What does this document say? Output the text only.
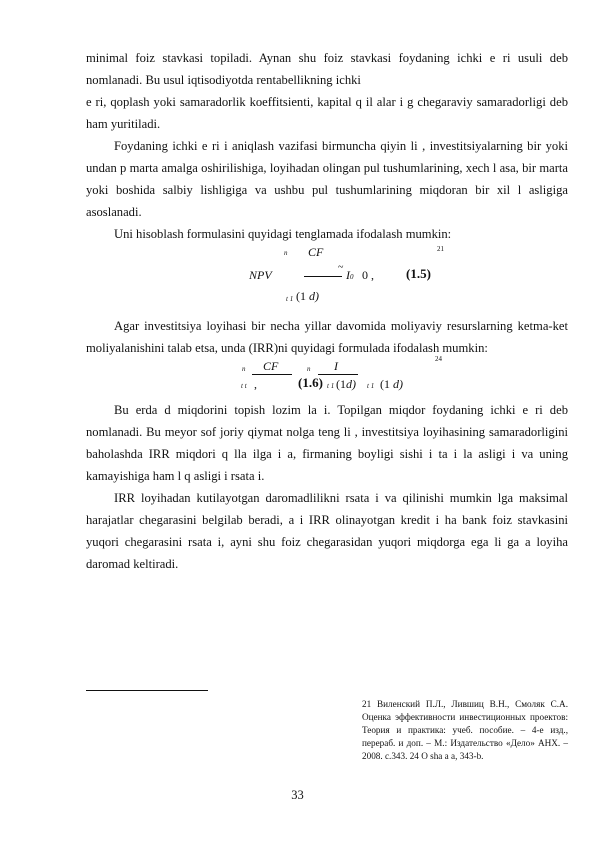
minimal foiz stavkasi topiladi. Aynan shu foiz stavkasi foydaning ichki e ri usuli deb nomlanadi. Bu usul iqtisodiyotda rentabellikning ichki

e ri, qoplash yoki samaradorlik koeffitsienti, kapital q il alar i g chegaraviy samaradorligi deb ham yuritiladi.

Foydaning ichki e ri i aniqlash vazifasi birmuncha qiyin li , investitsiyalarning bir yoki undan p marta amalga oshirilishiga, loyihadan olingan pul tushumlarining, xech l asa, bir marta yoki boshida salbiy lishligiga va ushbu pul tushumlarining miqdoran bir xil l asligiga asoslanadi.

Uni hisoblash formulasini quyidagi tenglamada ifodalash mumkin:

n CF	21
NPV
~
I0 0 , (1.5)
t 1 (1 d)

Agar investitsiya loyihasi bir necha yillar davomida moliyaviy resurslarning ketma-ket moliyalanishini talab etsa, unda (IRR)ni quyidagi formulada ifodalash mumkin:

n CF	n I	24
t t ,	(1.6) t 1 (1d) t 1 (1 d)

Bu erda d miqdorini topish lozim la i. Topilgan miqdor foydaning ichki e ri deb nomlanadi. Bu meyor sof joriy qiymat nolga teng li , investitsiya loyihasining samaradorligini baholashda IRR miqdori q lla ilga i a, firmaning boyligi sishi i ta i la asligi i va uning kamayishiga ham l q asligi i rsata i.

IRR loyihadan kutilayotgan daromadlilikni rsata i va qilinishi mumkin lga maksimal harajatlar chegarasini belgilab beradi, a i IRR olinayotgan kredit i ha bank foiz stavkasini yuqori chegarasini rsata i, ayni shu foiz chegarasidan yuqori miqdorga ega li ga a loyiha daromad keltiradi.

21 Виленский П.Л., Лившиц В.Н., Смоляк С.А. Оценка эффективности инвестиционных проектов: Теория и практика: учеб. пособие. – 4-е изд., перераб. и доп. – М.: Издательство «Дело» АНХ. – 2008. с.343. 24 O sha a a, 343-b.
33
